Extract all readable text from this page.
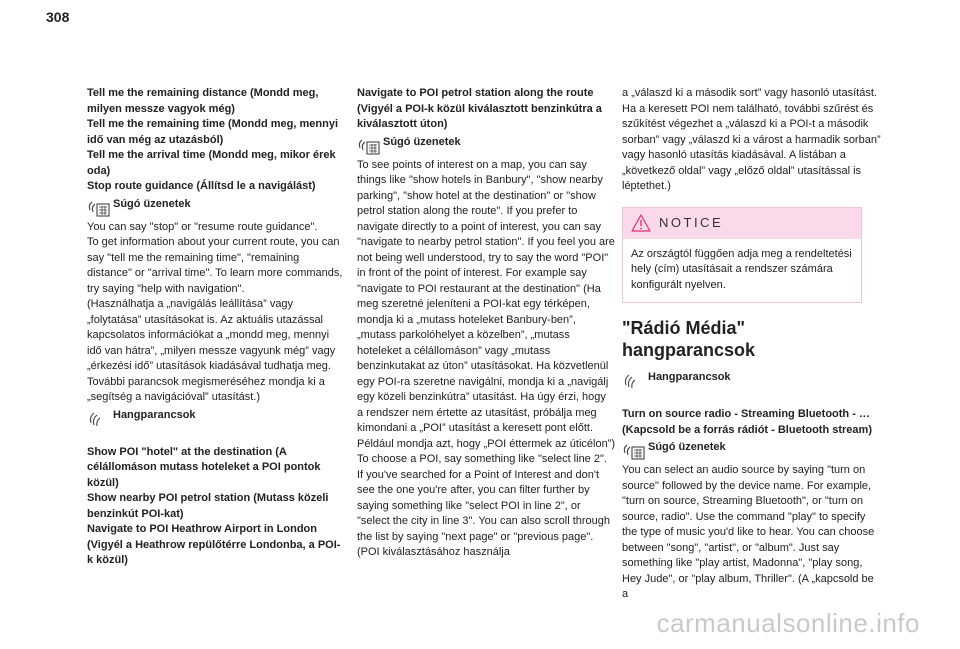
308
Tell me the remaining distance (Mondd meg, milyen messze vagyok még)
Tell me the remaining time (Mondd meg, mennyi idő van még az utazásból)
Tell me the arrival time (Mondd meg, mikor érek oda)
Stop route guidance (Állítsd le a navigálást)
Súgó üzenetek
You can say "stop" or "resume route guidance".
To get information about your current route, you can say "tell me the remaining time", "remaining distance" or "arrival time". To learn more commands, try saying "help with navigation".
(Használhatja a „navigálás leállítása” vagy „folytatása” utasításokat is. Az aktuális utazással kapcsolatos információkat a „mondd meg, mennyi idő van hátra”, „milyen messze vagyunk még” vagy „érkezési idő” utasítások kiadásával tudhatja meg. További parancsok megismeréséhez mondja ki a „segítség a navigációval” utasítást.)
Hangparancsok
Show POI "hotel" at the destination (A célállomáson mutass hoteleket a POI pontok közül)
Show nearby POI petrol station (Mutass közeli benzinkút POI-kat)
Navigate to POI Heathrow Airport in London (Vigyél a Heathrow repülőtérre Londonba, a POI-k közül)
Navigate to POI petrol station along the route (Vigyél a POI-k közül kiválasztott benzinkútra a kiválasztott úton)
Súgó üzenetek
To see points of interest on a map, you can say things like "show hotels in Banbury", "show nearby parking", "show hotel at the destination" or "show petrol station along the route". If you prefer to navigate directly to a point of interest, you can say "navigate to nearby petrol station". If you feel you are not being well understood, try to say the word "POI" in front of the point of interest. For example say "navigate to POI restaurant at the destination" (Ha meg szeretné jeleníteni a POI-kat egy térképen, mondja ki a „mutass hoteleket Banbury-ben”, „mutass parkolóhelyet a közelben”, „mutass hoteleket a célállomáson” vagy „mutass benzinkutakat az úton” utasításokat. Ha közvetlenül egy POI-ra szeretne navigálni, mondja ki a „navigálj egy közeli benzinkútra” utasítást. Ha úgy érzi, hogy a rendszer nem értette az utasítást, próbálja meg kimondani a „POI” utasítást a keresett pont előtt. Például mondja azt, hogy „POI éttermek az úticélon”)
To choose a POI, say something like "select line 2". If you've searched for a Point of Interest and don't see the one you're after, you can filter further by saying something like "select POI in line 2", or "select the city in line 3". You can also scroll through the list by saying "next page" or "previous page". (POI kiválasztásához használja
a „válaszd ki a második sort” vagy hasonló utasítást. Ha a keresett POI nem található, további szűrést és szűkítést végezhet a „válaszd ki a POI-t a második sorban” vagy „válaszd ki a várost a harmadik sorban” vagy hasonló utasítás kiadásával. A listában a „következő oldal” vagy „előző oldal” utasítással is léptethet.)
NOTICE
Az országtól függően adja meg a rendeltetési hely (cím) utasításait a rendszer számára konfigurált nyelven.
"Rádió Média" hangparancsok
Hangparancsok
Turn on source radio - Streaming Bluetooth - … (Kapcsold be a forrás rádiót - Bluetooth stream)
Súgó üzenetek
You can select an audio source by saying "turn on source" followed by the device name. For example, "turn on source, Streaming Bluetooth", or "turn on source, radio". Use the command "play" to specify the type of music you'd like to hear. You can choose between "song", "artist", or "album". Just say something like "play artist, Madonna", "play song, Hey Jude", or "play album, Thriller". (A „kapcsold be a
carmanualsonline.info
